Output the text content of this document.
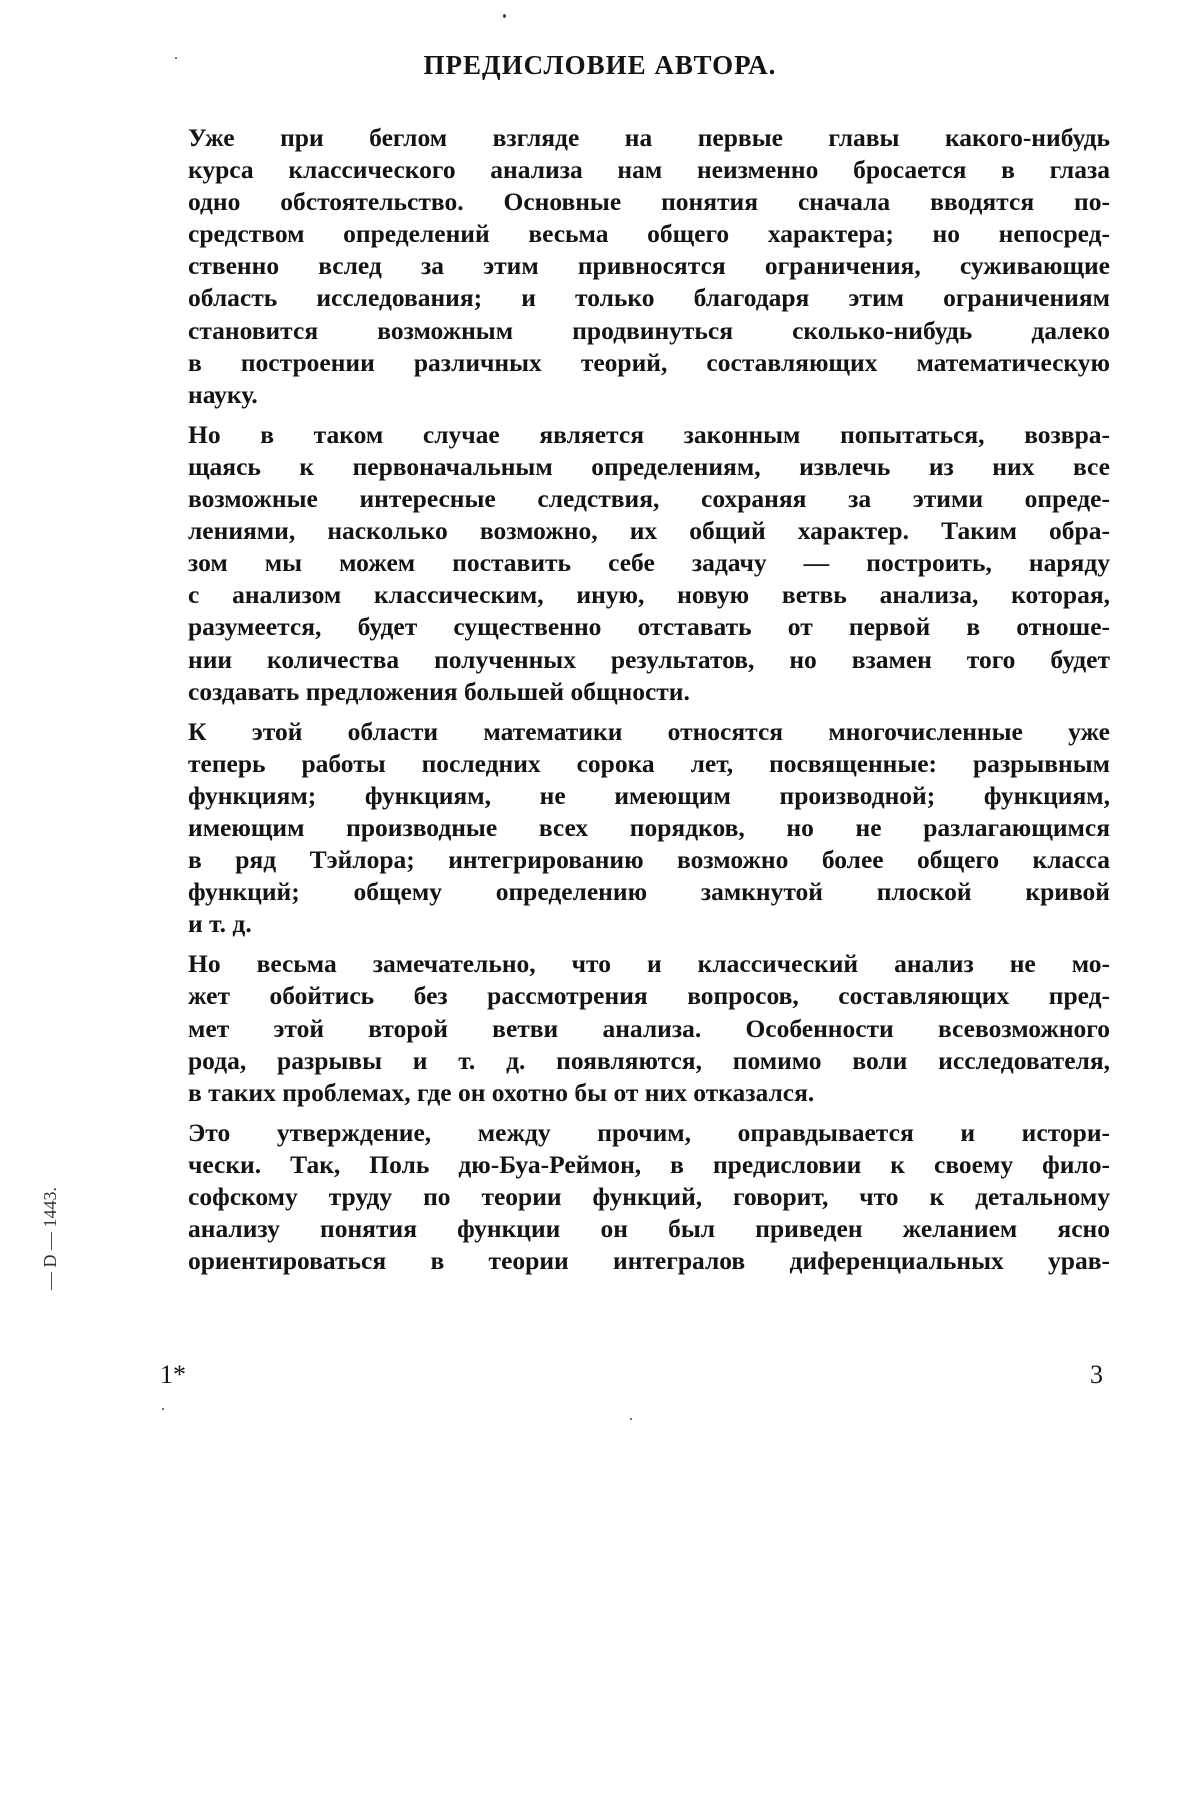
ПРЕДИСЛОВИЕ АВТОРА.
Уже при беглом взгляде на первые главы какого-нибудь
курса классического анализа нам неизменно бросается в глаза
одно обстоятельство. Основные понятия сначала вводятся по-
средством определений весьма общего характера; но непосред-
ственно вслед за этим привносятся ограничения, суживающие
область исследования; и только благодаря этим ограничениям
становится возможным продвинуться сколько-нибудь далеко
в построении различных теорий, составляющих математическую
науку.
Но в таком случае является законным попытаться, возвра-
щаясь к первоначальным определениям, извлечь из них все
возможные интересные следствия, сохраняя за этими опреде-
лениями, насколько возможно, их общий характер. Таким обра-
зом мы можем поставить себе задачу — построить, наряду
с анализом классическим, иную, новую ветвь анализа, которая,
разумеется, будет существенно отставать от первой в отноше-
нии количества полученных результатов, но взамен того будет
создавать предложения большей общности.
К этой области математики относятся многочисленные уже
теперь работы последних сорока лет, посвященные: разрывным
функциям; функциям, не имеющим производной; функциям,
имеющим производные всех порядков, но не разлагающимся
в ряд Тэйлора; интегрированию возможно более общего класса
функций; общему определению замкнутой плоской кривой
и т. д.
Но весьма замечательно, что и классический анализ не мо-
жет обойтись без рассмотрения вопросов, составляющих пред-
мет этой второй ветви анализа. Особенности всевозможного
рода, разрывы и т. д. появляются, помимо воли исследователя,
в таких проблемах, где он охотно бы от них отказался.
Это утверждение, между прочим, оправдывается и истори-
чески. Так, Поль дю-Буа-Реймон, в предисловии к своему фило-
софскому труду по теории функций, говорит, что к детальному
анализу понятия функции он был приведен желанием ясно
ориентироваться в теории интегралов диференциальных урав-
1*	3
— D — 1443.
